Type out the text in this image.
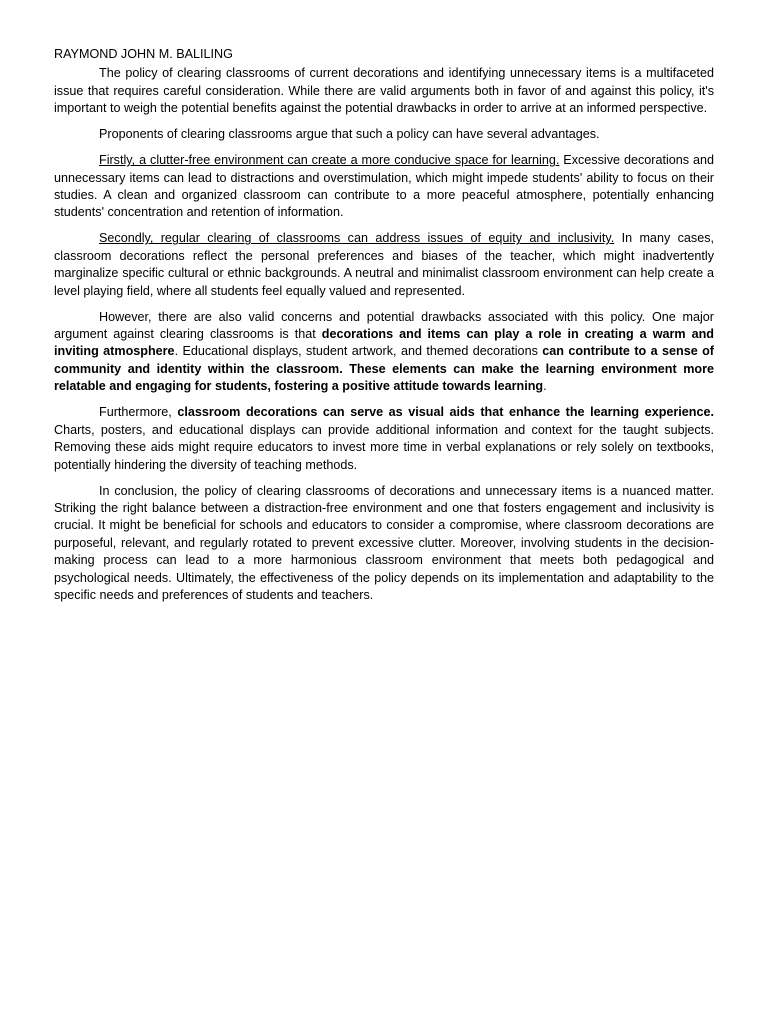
RAYMOND JOHN M. BALILING

The policy of clearing classrooms of current decorations and identifying unnecessary items is a multifaceted issue that requires careful consideration. While there are valid arguments both in favor of and against this policy, it's important to weigh the potential benefits against the potential drawbacks in order to arrive at an informed perspective.

Proponents of clearing classrooms argue that such a policy can have several advantages.

Firstly, a clutter-free environment can create a more conducive space for learning. Excessive decorations and unnecessary items can lead to distractions and overstimulation, which might impede students' ability to focus on their studies. A clean and organized classroom can contribute to a more peaceful atmosphere, potentially enhancing students' concentration and retention of information.

Secondly, regular clearing of classrooms can address issues of equity and inclusivity. In many cases, classroom decorations reflect the personal preferences and biases of the teacher, which might inadvertently marginalize specific cultural or ethnic backgrounds. A neutral and minimalist classroom environment can help create a level playing field, where all students feel equally valued and represented.

However, there are also valid concerns and potential drawbacks associated with this policy. One major argument against clearing classrooms is that decorations and items can play a role in creating a warm and inviting atmosphere. Educational displays, student artwork, and themed decorations can contribute to a sense of community and identity within the classroom. These elements can make the learning environment more relatable and engaging for students, fostering a positive attitude towards learning.

Furthermore, classroom decorations can serve as visual aids that enhance the learning experience. Charts, posters, and educational displays can provide additional information and context for the taught subjects. Removing these aids might require educators to invest more time in verbal explanations or rely solely on textbooks, potentially hindering the diversity of teaching methods.

In conclusion, the policy of clearing classrooms of decorations and unnecessary items is a nuanced matter. Striking the right balance between a distraction-free environment and one that fosters engagement and inclusivity is crucial. It might be beneficial for schools and educators to consider a compromise, where classroom decorations are purposeful, relevant, and regularly rotated to prevent excessive clutter. Moreover, involving students in the decision-making process can lead to a more harmonious classroom environment that meets both pedagogical and psychological needs. Ultimately, the effectiveness of the policy depends on its implementation and adaptability to the specific needs and preferences of students and teachers.
